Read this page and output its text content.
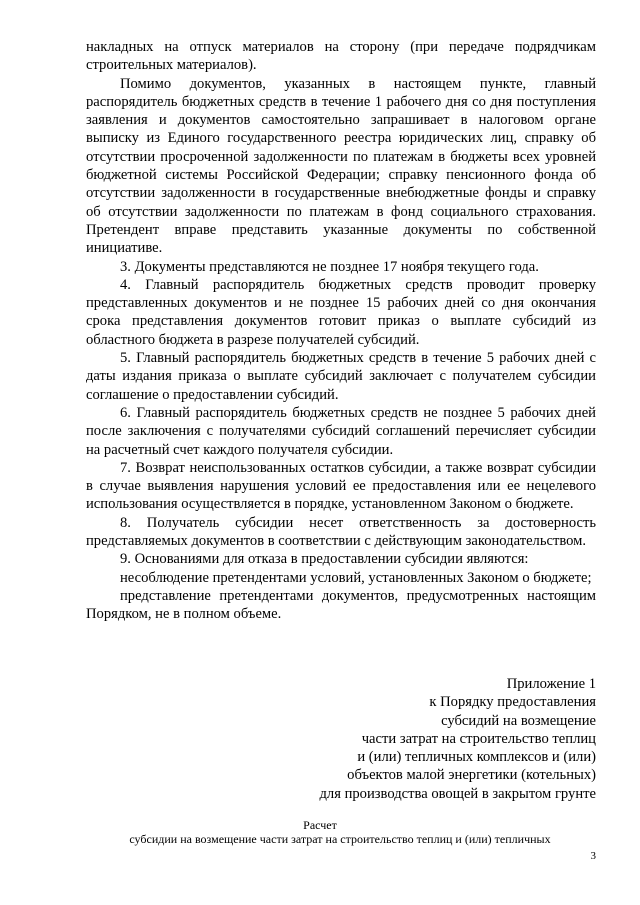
накладных на отпуск материалов на сторону (при передаче подрядчикам строительных материалов).

Помимо документов, указанных в настоящем пункте, главный распорядитель бюджетных средств в течение 1 рабочего дня со дня поступления заявления и документов самостоятельно запрашивает в налоговом органе выписку из Единого государственного реестра юридических лиц, справку об отсутствии просроченной задолженности по платежам в бюджеты всех уровней бюджетной системы Российской Федерации; справку пенсионного фонда об отсутствии задолженности в государственные внебюджетные фонды и справку об отсутствии задолженности по платежам в фонд социального страхования. Претендент вправе представить указанные документы по собственной инициативе.

3. Документы представляются не позднее 17 ноября текущего года.

4. Главный распорядитель бюджетных средств проводит проверку представленных документов и не позднее 15 рабочих дней со дня окончания срока представления документов готовит приказ о выплате субсидий из областного бюджета в разрезе получателей субсидий.

5. Главный распорядитель бюджетных средств в течение 5 рабочих дней с даты издания приказа о выплате субсидий заключает с получателем субсидии соглашение о предоставлении субсидий.

6. Главный распорядитель бюджетных средств не позднее 5 рабочих дней после заключения с получателями субсидий соглашений перечисляет субсидии на расчетный счет каждого получателя субсидии.

7. Возврат неиспользованных остатков субсидии, а также возврат субсидии в случае выявления нарушения условий ее предоставления или ее нецелевого использования осуществляется в порядке, установленном Законом о бюджете.

8. Получатель субсидии несет ответственность за достоверность представляемых документов в соответствии с действующим законодательством.

9. Основаниями для отказа в предоставлении субсидии являются:

несоблюдение претендентами условий, установленных Законом о бюджете;

представление претендентами документов, предусмотренных настоящим Порядком, не в полном объеме.

Приложение 1
к Порядку предоставления
субсидий на возмещение
части затрат на строительство теплиц
и (или) тепличных комплексов и (или)
объектов малой энергетики (котельных)
для производства овощей в закрытом грунте
Расчет
субсидии на возмещение части затрат на строительство теплиц и (или) тепличных
3
